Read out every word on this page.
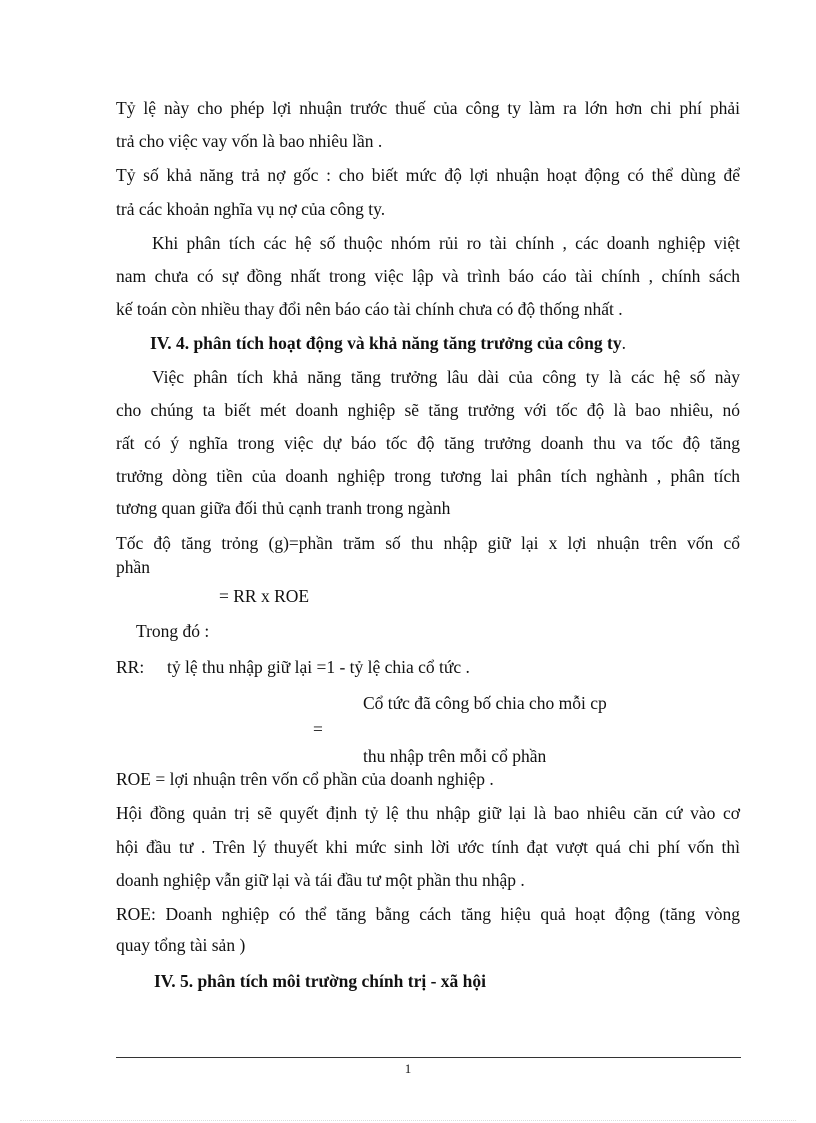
Tỷ lệ này cho phép lợi nhuận trước thuế của công ty làm ra lớn hơn chi phí phải
trả cho việc vay vốn là bao nhiêu lần .
Tỷ số khả năng trả nợ gốc : cho biết mức độ lợi nhuận hoạt động có thể dùng để
trả các khoản nghĩa vụ nợ của công ty.
Khi phân tích các hệ số thuộc nhóm rủi ro tài chính , các doanh nghiệp việt
nam chưa có sự đồng nhất trong việc lập và trình báo cáo tài chính , chính sách
kế toán còn nhiều thay đổi nên báo cáo tài chính chưa có độ thống nhất .
IV. 4. phân tích hoạt động và khả năng tăng trưởng của công ty.
Việc phân tích khả năng tăng trưởng lâu dài của công ty là các hệ số này
cho chúng ta biết mét doanh nghiệp sẽ tăng trưởng với tốc độ là bao nhiêu, nó
rất có ý nghĩa trong việc dự báo tốc độ tăng trưởng doanh thu va tốc độ tăng
trưởng dòng tiền của doanh nghiệp trong tương lai phân tích nghành , phân tích
tương quan giữa đối thủ cạnh tranh trong ngành
Tốc độ tăng trỏng (g)=phần trăm số thu nhập giữ lại x lợi nhuận trên vốn cổ
phần
= RR x ROE
Trong đó :
RR: tỷ lệ thu nhập giữ lại =1 - tỷ lệ chia cổ tức .
Cổ tức đã công bố chia cho mỗi cp
=
thu nhập trên mỗi cổ phần
ROE = lợi nhuận trên vốn cổ phần của doanh nghiệp .
Hội đồng quản trị sẽ quyết định tỷ lệ thu nhập giữ lại là bao nhiêu căn cứ vào cơ
hội đầu tư . Trên lý thuyết khi mức sinh lời ước tính đạt vượt quá chi phí vốn thì
doanh nghiệp vẫn giữ lại và tái đầu tư một phần thu nhập .
ROE: Doanh nghiệp có thể tăng bằng cách tăng hiệu quả hoạt động (tăng vòng
quay tổng tài sản )
IV. 5. phân tích môi trường chính trị - xã hội
1
